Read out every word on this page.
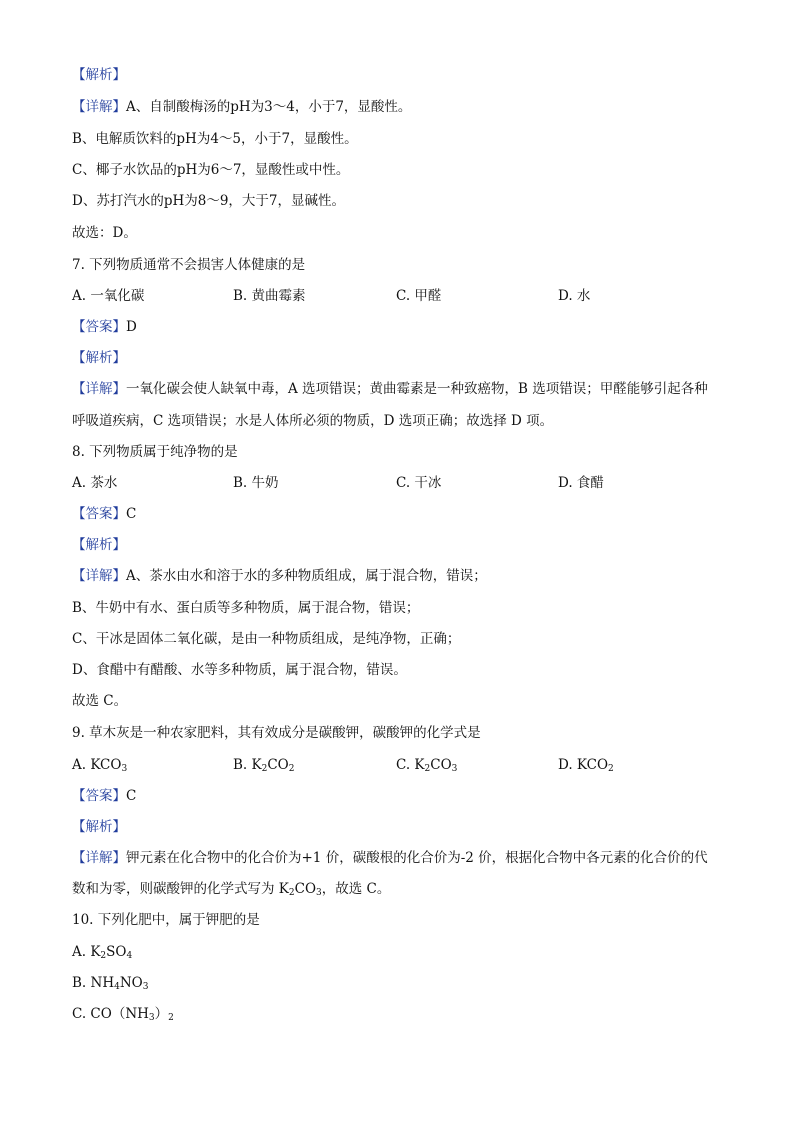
【解析】
【详解】A、自制酸梅汤的pH为3～4，小于7，显酸性。
B、电解质饮料的pH为4～5，小于7，显酸性。
C、椰子水饮品的pH为6～7，显酸性或中性。
D、苏打汽水的pH为8～9，大于7，显碱性。
故选：D。
7. 下列物质通常不会损害人体健康的是
A. 一氧化碳	B. 黄曲霉素	C. 甲醛	D. 水
【答案】D
【解析】
【详解】一氧化碳会使人缺氧中毒，A 选项错误；黄曲霉素是一种致癌物，B 选项错误；甲醛能够引起各种
呼吸道疾病，C 选项错误；水是人体所必须的物质，D 选项正确；故选择 D 项。
8. 下列物质属于纯净物的是
A. 茶水	B. 牛奶	C. 干冰	D. 食醋
【答案】C
【解析】
【详解】A、茶水由水和溶于水的多种物质组成，属于混合物，错误；
B、牛奶中有水、蛋白质等多种物质，属于混合物，错误；
C、干冰是固体二氧化碳，是由一种物质组成，是纯净物，正确；
D、食醋中有醋酸、水等多种物质，属于混合物，错误。
故选 C。
9. 草木灰是一种农家肥料，其有效成分是碳酸钾，碳酸钾的化学式是
A. $KCO_3$	B. $K_2CO_2$	C. $K_2CO_3$	D. $KCO_2$
【答案】C
【解析】
【详解】钾元素在化合物中的化合价为+1 价，碳酸根的化合价为-2 价，根据化合物中各元素的化合价的代
数和为零，则碳酸钾的化学式写为 $K_2CO_3$，故选 C。
10. 下列化肥中，属于钾肥的是
A. $K_2SO_4$
B. $NH_4NO_3$
C. $CO(NH_3)_2$
